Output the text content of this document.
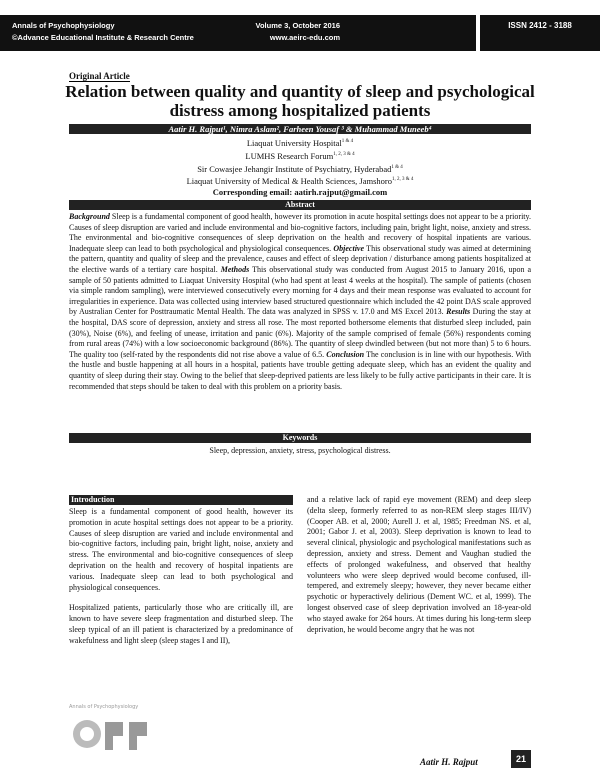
Annals of Psychophysiology
©Advance Educational Institute & Research Centre
Volume 3, October 2016
www.aeirc-edu.com
ISSN 2412 - 3188
Original Article
Relation between quality and quantity of sleep and psychological distress among hospitalized patients
Aatir H. Rajput¹, Nimra Aslam², Farheen Yousaf ³ & Muhammad Muneeb⁴
Liaquat University Hospital$^{1 \& 4}$
LUMHS Research Forum$^{1, 2, 3 \& 4}$
Sir Cowasjee Jehangir Institute of Psychiatry, Hyderabad$^{1 \& 4}$
Liaquat University of Medical & Health Sciences, Jamshoro$^{1, 2, 3 \& 4}$
Corresponding email: aatirh.rajput@gmail.com
Abstract
Background Sleep is a fundamental component of good health, however its promotion in acute hospital settings does not appear to be a priority. Causes of sleep disruption are varied and include environmental and bio-cognitive factors, including pain, bright light, noise, anxiety and stress. The environmental and bio-cognitive consequences of sleep deprivation on the health and recovery of hospital inpatients are various. Inadequate sleep can lead to both psychological and physiological consequences. Objective This observational study was aimed at determining the pattern, quantity and quality of sleep and the prevalence, causes and effect of sleep deprivation / disturbance among patients hospitalized at the elective wards of a tertiary care hospital. Methods This observational study was conducted from August 2015 to January 2016, upon a sample of 50 patients admitted to Liaquat University Hospital (who had spent at least 4 weeks at the hospital). The sample of patients (chosen via simple random sampling), were interviewed consecutively every morning for 4 days and their mean response was evaluated to account for irregularities in experience. Data was collected using interview based structured questionnaire which included the 42 point DAS scale approved by Australian Center for Posttraumatic Mental Health. The data was analyzed in SPSS v. 17.0 and MS Excel 2013. Results During the stay at the hospital, DAS score of depression, anxiety and stress all rose. The most reported bothersome elements that disturbed sleep included, pain (30%), Noise (6%), and feeling of unease, irritation and panic (6%). Majority of the sample comprised of female (56%) respondents coming from rural areas (74%) with a low socioeconomic background (86%). The quantity of sleep dwindled between (but not more than) 5 to 6 hours. The quality too (self-rated by the respondents did not rise above a value of 6.5. Conclusion The conclusion is in line with our hypothesis. With the hustle and bustle happening at all hours in a hospital, patients have trouble getting adequate sleep, which has an evident the quality and quantity of sleep during their stay. Owing to the belief that sleep-deprived patients are less likely to be fully active participants in their care. It is recommended that steps should be taken to deal with this problem on a priority basis.
Keywords
Sleep, depression, anxiety, stress, psychological distress.
Introduction

Sleep is a fundamental component of good health, however its promotion in acute hospital settings does not appear to be a priority. Causes of sleep disruption are varied and include environmental and bio-cognitive factors, including pain, bright light, noise, anxiety and stress. The environmental and bio-cognitive consequences of sleep deprivation on the health and recovery of hospital inpatients are various. Inadequate sleep can lead to both psychological and physiological consequences.

Hospitalized patients, particularly those who are critically ill, are known to have severe sleep fragmentation and disturbed sleep. The sleep typical of an ill patient is characterized by a predominance of wakefulness and light sleep (sleep stages I and II),

and a relative lack of rapid eye movement (REM) and deep sleep (delta sleep, formerly referred to as non-REM sleep stages III/IV) (Cooper AB. et al, 2000; Aurell J. et al, 1985; Freedman NS. et al, 2001; Gabor J. et al, 2003). Sleep deprivation is known to lead to several clinical, physiologic and psychological manifestations such as depression, anxiety and stress. Dement and Vaughan studied the effects of prolonged wakefulness, and observed that healthy volunteers who were sleep deprived would become confused, ill-tempered, and extremely sleepy; however, they never became either psychotic or hyperactively delirious (Dement WC. et al, 1999). The longest observed case of sleep deprivation involved an 18-year-old who stayed awake for 264 hours. At times during his long-term sleep deprivation, he would become angry that he was not

Annals of Psychophysiology
Aatir H. Rajput	21
